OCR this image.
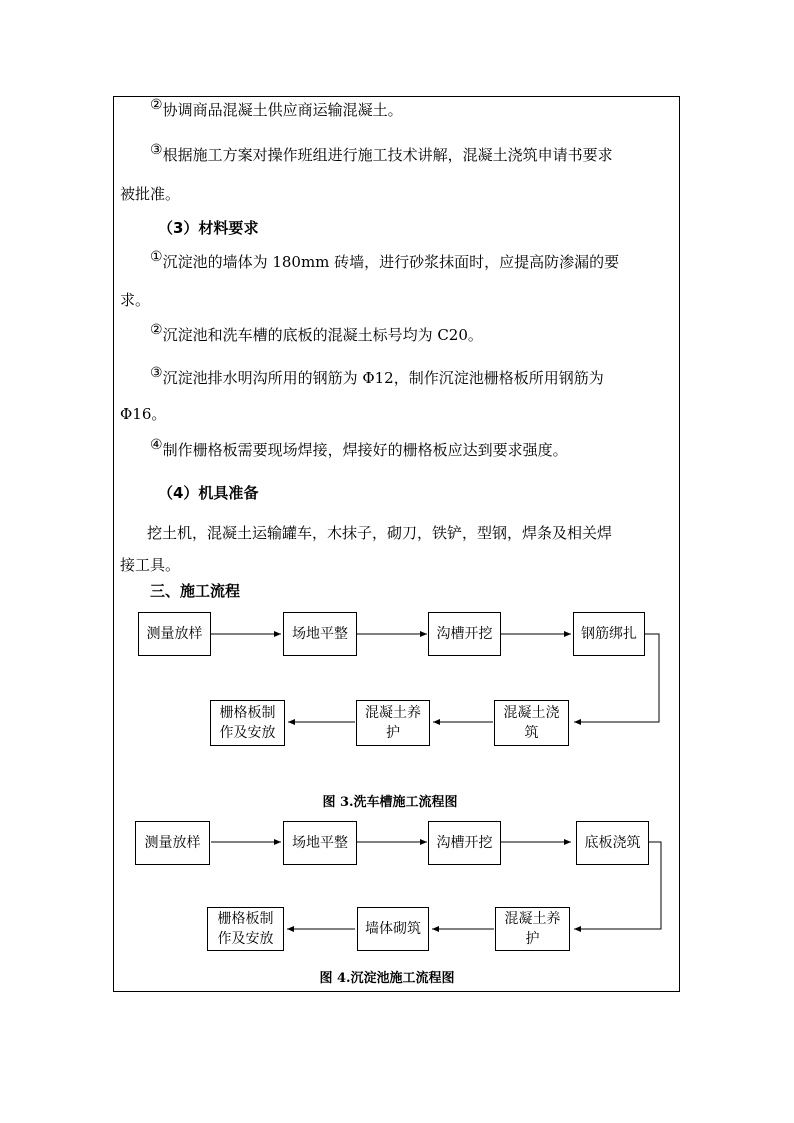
②协调商品混凝土供应商运输混凝土。
③根据施工方案对操作班组进行施工技术讲解，混凝土浇筑申请书要求
被批准。
（3）材料要求
①沉淀池的墙体为 180mm 砖墙，进行砂浆抹面时，应提高防渗漏的要
求。
②沉淀池和洗车槽的底板的混凝土标号均为 C20。
③沉淀池排水明沟所用的钢筋为 Φ12，制作沉淀池栅格板所用钢筋为
Φ16。
④制作栅格板需要现场焊接，焊接好的栅格板应达到要求强度。
（4）机具准备
挖土机，混凝土运输罐车，木抹子，砌刀，铁铲，型钢，焊条及相关焊
接工具。
三、施工流程
测量放样	场地平整	沟槽开挖	钢筋绑扎
混凝土浇筑
混凝土养护
栅格板制作及安放
图 3.洗车槽施工流程图
测量放样	场地平整	沟槽开挖	底板浇筑
混凝土养护
墙体砌筑
栅格板制作及安放
图 4.沉淀池施工流程图
